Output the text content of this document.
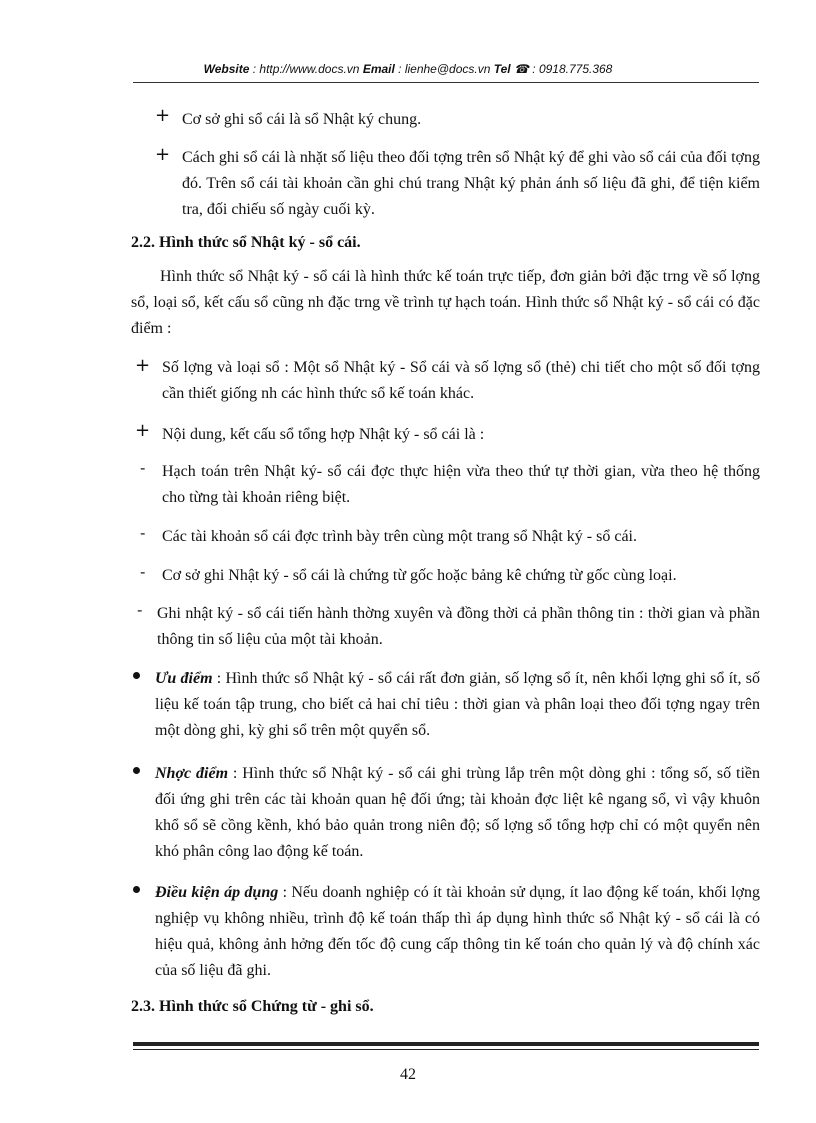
Website : http://www.docs.vn Email : lienhe@docs.vn Tel ☎ : 0918.775.368
+ Cơ sở ghi sổ cái là sổ Nhật ký chung.
+ Cách ghi sổ cái là nhặt số liệu theo đối tợng trên sổ Nhật ký để ghi vào sổ cái của đối tợng đó. Trên sổ cái tài khoản cần ghi chú trang Nhật ký phản ánh số liệu đã ghi, để tiện kiểm tra, đối chiếu số ngày cuối kỳ.
2.2. Hình thức sổ Nhật ký - sổ cái.
Hình thức sổ Nhật ký - sổ cái là hình thức kế toán trực tiếp, đơn giản bởi đặc trng về số lợng sổ, loại sổ, kết cấu sổ cũng nh đặc trng về trình tự hạch toán. Hình thức sổ Nhật ký - sổ cái có đặc điểm :
+ Số lợng và loại sổ : Một sổ Nhật ký - Sổ cái và số lợng sổ (thẻ) chi tiết cho một số đối tợng cần thiết giống nh các hình thức sổ kế toán khác.
+ Nội dung, kết cấu sổ tổng hợp Nhật ký - sổ cái là :
- Hạch toán trên Nhật ký- sổ cái đợc thực hiện vừa theo thứ tự thời gian, vừa theo hệ thống cho từng tài khoản riêng biệt.
- Các tài khoản sổ cái đợc trình bày trên cùng một trang sổ Nhật ký - sổ cái.
- Cơ sở ghi Nhật ký - sổ cái là chứng từ gốc hoặc bảng kê chứng từ gốc cùng loại.
- Ghi nhật ký - sổ cái tiến hành thờng xuyên và đồng thời cả phần thông tin : thời gian và phần thông tin số liệu của một tài khoản.
Ưu điểm : Hình thức sổ Nhật ký - sổ cái rất đơn giản, số lợng sổ ít, nên khối lợng ghi sổ ít, số liệu kế toán tập trung, cho biết cả hai chỉ tiêu : thời gian và phân loại theo đối tợng ngay trên một dòng ghi, kỳ ghi sổ trên một quyển sổ.
Nhợc điểm : Hình thức sổ Nhật ký - sổ cái ghi trùng lắp trên một dòng ghi : tổng số, số tiền đối ứng ghi trên các tài khoản quan hệ đối ứng; tài khoản đợc liệt kê ngang sổ, vì vậy khuôn khổ sổ sẽ cồng kềnh, khó bảo quản trong niên độ; số lợng sổ tổng hợp chỉ có một quyển nên khó phân công lao động kế toán.
Điều kiện áp dụng : Nếu doanh nghiệp có ít tài khoản sử dụng, ít lao động kế toán, khối lợng nghiệp vụ không nhiều, trình độ kế toán thấp thì áp dụng hình thức sổ Nhật ký - sổ cái là có hiệu quả, không ảnh hởng đến tốc độ cung cấp thông tin kế toán cho quản lý và độ chính xác của số liệu đã ghi.
2.3. Hình thức sổ Chứng từ - ghi sổ.
42
